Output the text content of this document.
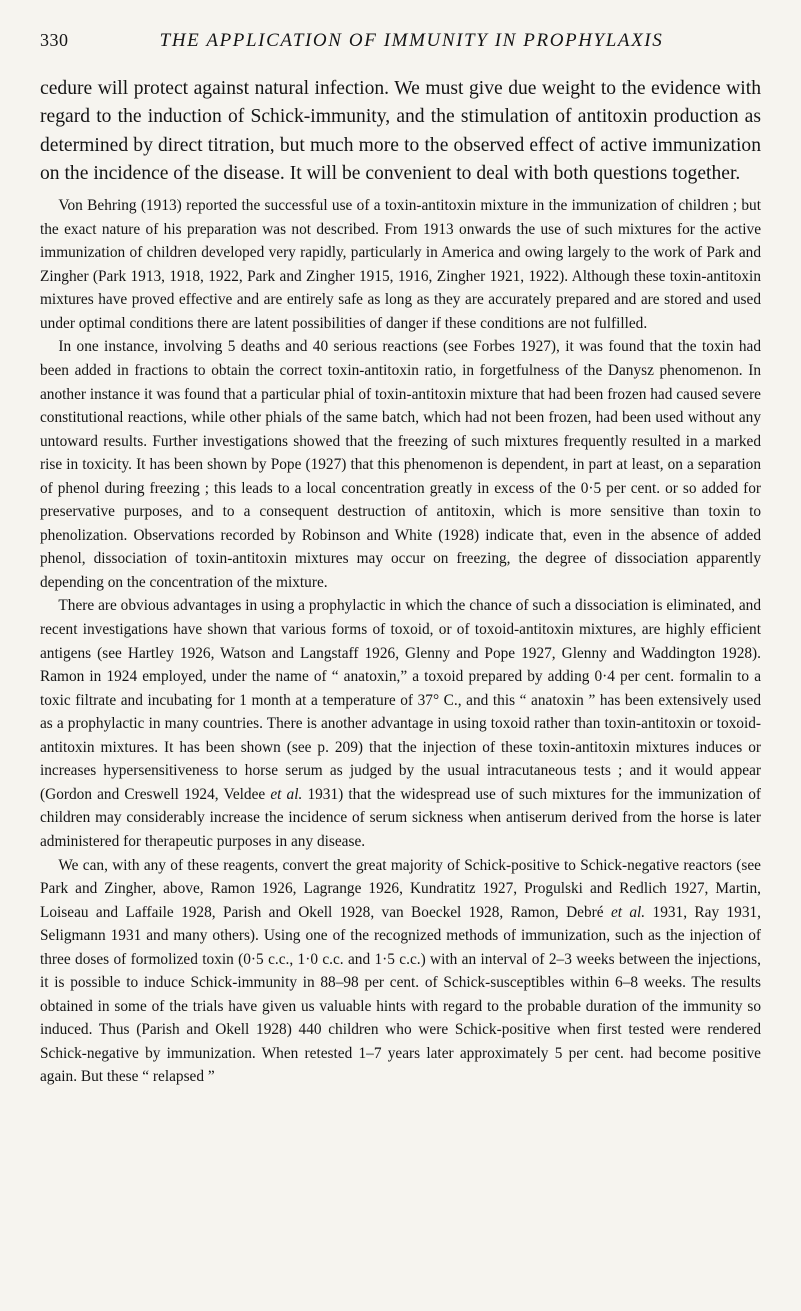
330	THE APPLICATION OF IMMUNITY IN PROPHYLAXIS

cedure will protect against natural infection. We must give due weight to the evidence with regard to the induction of Schick-immunity, and the stimulation of antitoxin production as determined by direct titration, but much more to the observed effect of active immunization on the incidence of the disease. It will be convenient to deal with both questions together.

Von Behring (1913) reported the successful use of a toxin-antitoxin mixture in the immunization of children ; but the exact nature of his preparation was not described. From 1913 onwards the use of such mixtures for the active immunization of children developed very rapidly, particularly in America and owing largely to the work of Park and Zingher (Park 1913, 1918, 1922, Park and Zingher 1915, 1916, Zingher 1921, 1922). Although these toxin-antitoxin mixtures have proved effective and are entirely safe as long as they are accurately prepared and are stored and used under optimal conditions there are latent possibilities of danger if these conditions are not fulfilled.

In one instance, involving 5 deaths and 40 serious reactions (see Forbes 1927), it was found that the toxin had been added in fractions to obtain the correct toxin-antitoxin ratio, in forgetfulness of the Danysz phenomenon. In another instance it was found that a particular phial of toxin-antitoxin mixture that had been frozen had caused severe constitutional reactions, while other phials of the same batch, which had not been frozen, had been used without any untoward results. Further investigations showed that the freezing of such mixtures frequently resulted in a marked rise in toxicity. It has been shown by Pope (1927) that this phenomenon is dependent, in part at least, on a separation of phenol during freezing ; this leads to a local concentration greatly in excess of the 0·5 per cent. or so added for preservative purposes, and to a consequent destruction of antitoxin, which is more sensitive than toxin to phenolization. Observations recorded by Robinson and White (1928) indicate that, even in the absence of added phenol, dissociation of toxin-antitoxin mixtures may occur on freezing, the degree of dissociation apparently depending on the concentration of the mixture.

There are obvious advantages in using a prophylactic in which the chance of such a dissociation is eliminated, and recent investigations have shown that various forms of toxoid, or of toxoid-antitoxin mixtures, are highly efficient antigens (see Hartley 1926, Watson and Langstaff 1926, Glenny and Pope 1927, Glenny and Waddington 1928). Ramon in 1924 employed, under the name of “ anatoxin,” a toxoid prepared by adding 0·4 per cent. formalin to a toxic filtrate and incubating for 1 month at a temperature of 37° C., and this “ anatoxin ” has been extensively used as a prophylactic in many countries. There is another advantage in using toxoid rather than toxin-antitoxin or toxoid-antitoxin mixtures. It has been shown (see p. 209) that the injection of these toxin-antitoxin mixtures induces or increases hypersensitiveness to horse serum as judged by the usual intracutaneous tests ; and it would appear (Gordon and Creswell 1924, Veldee et al. 1931) that the widespread use of such mixtures for the immunization of children may considerably increase the incidence of serum sickness when antiserum derived from the horse is later administered for therapeutic purposes in any disease.

We can, with any of these reagents, convert the great majority of Schick-positive to Schick-negative reactors (see Park and Zingher, above, Ramon 1926, Lagrange 1926, Kundratitz 1927, Progulski and Redlich 1927, Martin, Loiseau and Laffaile 1928, Parish and Okell 1928, van Boeckel 1928, Ramon, Debré et al. 1931, Ray 1931, Seligmann 1931 and many others). Using one of the recognized methods of immunization, such as the injection of three doses of formolized toxin (0·5 c.c., 1·0 c.c. and 1·5 c.c.) with an interval of 2–3 weeks between the injections, it is possible to induce Schick-immunity in 88–98 per cent. of Schick-susceptibles within 6–8 weeks. The results obtained in some of the trials have given us valuable hints with regard to the probable duration of the immunity so induced. Thus (Parish and Okell 1928) 440 children who were Schick-positive when first tested were rendered Schick-negative by immunization. When retested 1–7 years later approximately 5 per cent. had become positive again. But these “ relapsed ”
